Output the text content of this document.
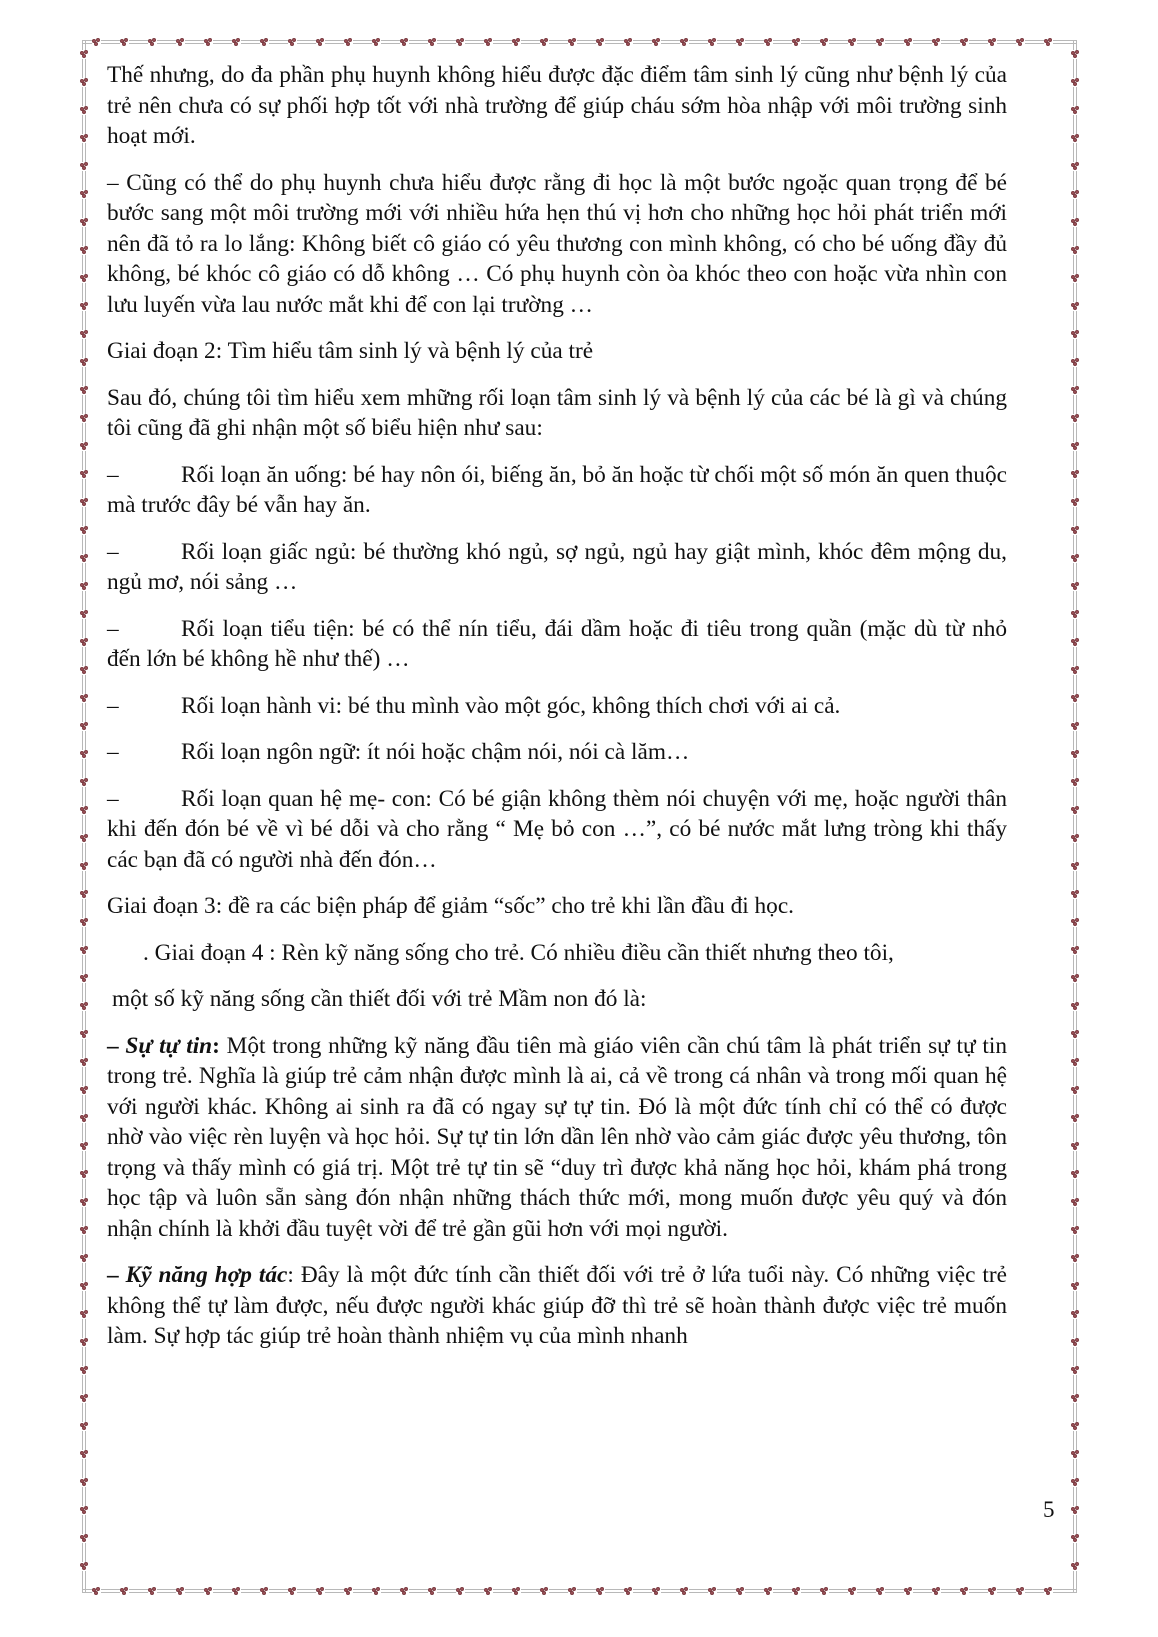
Thế nhưng, do đa phần phụ huynh không hiểu được đặc điểm tâm sinh lý cũng như bệnh lý của trẻ nên chưa có sự phối hợp tốt với nhà trường để giúp cháu sớm hòa nhập với môi trường sinh hoạt mới.

– Cũng có thể do phụ huynh chưa hiểu được rằng đi học là một bước ngoặc quan trọng để bé bước sang một môi trường mới với nhiều hứa hẹn thú vị hơn cho những học hỏi phát triển mới nên đã tỏ ra lo lắng: Không biết cô giáo có yêu thương con mình không, có cho bé uống đầy đủ không, bé khóc cô giáo có dỗ không … Có phụ huynh còn òa khóc theo con hoặc vừa nhìn con lưu luyến vừa lau nước mắt khi để con lại trường …

Giai đoạn 2: Tìm hiểu tâm sinh lý và bệnh lý của trẻ

Sau đó, chúng tôi tìm hiểu xem mhững rối loạn tâm sinh lý và bệnh lý của các bé là gì và chúng tôi cũng đã ghi nhận một số biểu hiện như sau:

–	Rối loạn ăn uống: bé hay nôn ói, biếng ăn, bỏ ăn hoặc từ chối một số món ăn quen thuộc mà trước đây bé vẫn hay ăn.

–	Rối loạn giấc ngủ: bé thường khó ngủ, sợ ngủ, ngủ hay giật mình, khóc đêm mộng du, ngủ mơ, nói sảng …

–	Rối loạn tiểu tiện: bé có thể nín tiểu, đái dầm hoặc đi tiêu trong quần (mặc dù từ nhỏ đến lớn bé không hề như thế) …

–	Rối loạn hành vi: bé thu mình vào một góc, không thích chơi với ai cả.

–	Rối loạn ngôn ngữ: ít nói hoặc chậm nói, nói cà lăm…

–	Rối loạn quan hệ mẹ- con: Có bé giận không thèm nói chuyện với mẹ, hoặc người thân khi đến đón bé về vì bé dỗi và cho rằng “ Mẹ bỏ con …”, có bé nước mắt lưng tròng khi thấy các bạn đã có người nhà đến đón…

Giai đoạn 3: đề ra các biện pháp để giảm “sốc” cho trẻ khi lần đầu đi học.

. Giai đoạn 4 : Rèn kỹ năng sống cho trẻ. Có nhiều điều cần thiết nhưng theo tôi,

một số kỹ năng sống cần thiết đối với trẻ Mầm non đó là:

– Sự tự tin: Một trong những kỹ năng đầu tiên mà giáo viên cần chú tâm là phát triển sự tự tin trong trẻ. Nghĩa là giúp trẻ cảm nhận được mình là ai, cả về trong cá nhân và trong mối quan hệ với người khác. Không ai sinh ra đã có ngay sự tự tin. Đó là một đức tính chỉ có thể có được nhờ vào việc rèn luyện và học hỏi. Sự tự tin lớn dần lên nhờ vào cảm giác được yêu thương, tôn trọng và thấy mình có giá trị. Một trẻ tự tin sẽ “duy trì được khả năng học hỏi, khám phá trong học tập và luôn sẵn sàng đón nhận những thách thức mới, mong muốn được yêu quý và đón nhận chính là khởi đầu tuyệt vời để trẻ gần gũi hơn với mọi người.

– Kỹ năng hợp tác: Đây là một đức tính cần thiết đối với trẻ ở lứa tuổi này. Có những việc trẻ không thể tự làm được, nếu được người khác giúp đỡ thì trẻ sẽ hoàn thành được việc trẻ muốn làm. Sự hợp tác giúp trẻ hoàn thành nhiệm vụ của mình nhanh

5
